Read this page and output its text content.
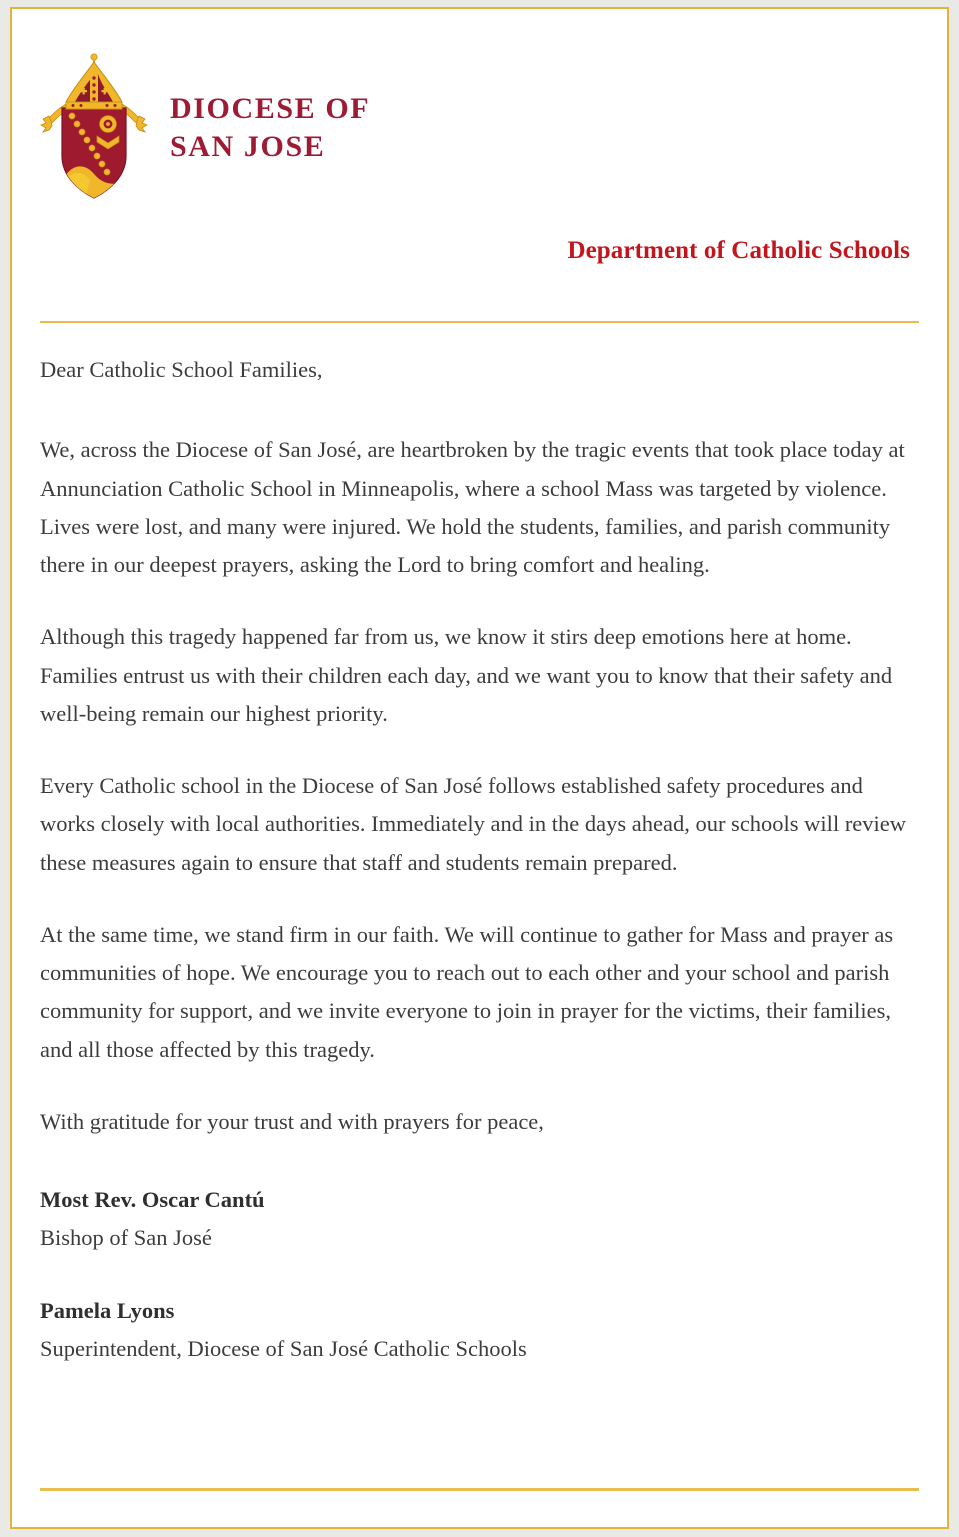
DIOCESE OF
SAN JOSE
Department of Catholic Schools

Dear Catholic School Families,

We, across the Diocese of San José, are heartbroken by the tragic events that took place today at Annunciation Catholic School in Minneapolis, where a school Mass was targeted by violence. Lives were lost, and many were injured. We hold the students, families, and parish community there in our deepest prayers, asking the Lord to bring comfort and healing.

Although this tragedy happened far from us, we know it stirs deep emotions here at home. Families entrust us with their children each day, and we want you to know that their safety and well-being remain our highest priority.

Every Catholic school in the Diocese of San José follows established safety procedures and works closely with local authorities. Immediately and in the days ahead, our schools will review these measures again to ensure that staff and students remain prepared.

At the same time, we stand firm in our faith. We will continue to gather for Mass and prayer as communities of hope. We encourage you to reach out to each other and your school and parish community for support, and we invite everyone to join in prayer for the victims, their families, and all those affected by this tragedy.

With gratitude for your trust and with prayers for peace,

Most Rev. Oscar Cantú
Bishop of San José
Pamela Lyons
Superintendent, Diocese of San José Catholic Schools
